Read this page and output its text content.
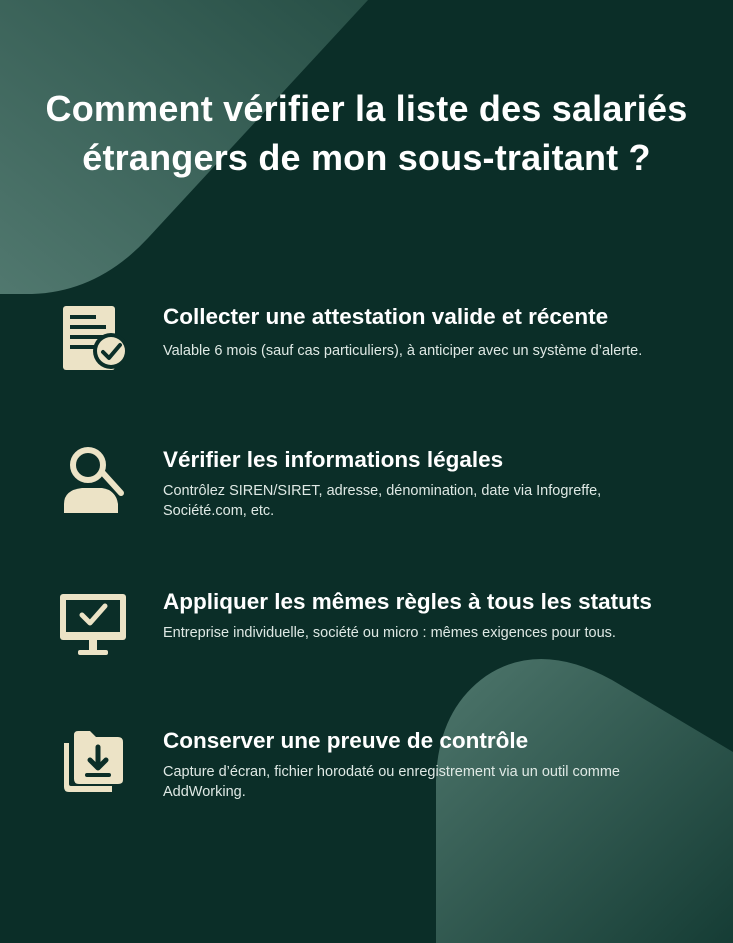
Comment vérifier la liste des salariés étrangers de mon sous-traitant ?
Collecter une attestation valide et récente

Valable 6 mois (sauf cas particuliers), à anticiper avec un système d’alerte.

Vérifier les informations légales

Contrôlez SIREN/SIRET, adresse, dénomination, date via Infogreffe, Société.com, etc.

Appliquer les mêmes règles à tous les statuts

Entreprise individuelle, société ou micro : mêmes exigences pour tous.

Conserver une preuve de contrôle

Capture d’écran, fichier horodaté ou enregistrement via un outil comme AddWorking.
